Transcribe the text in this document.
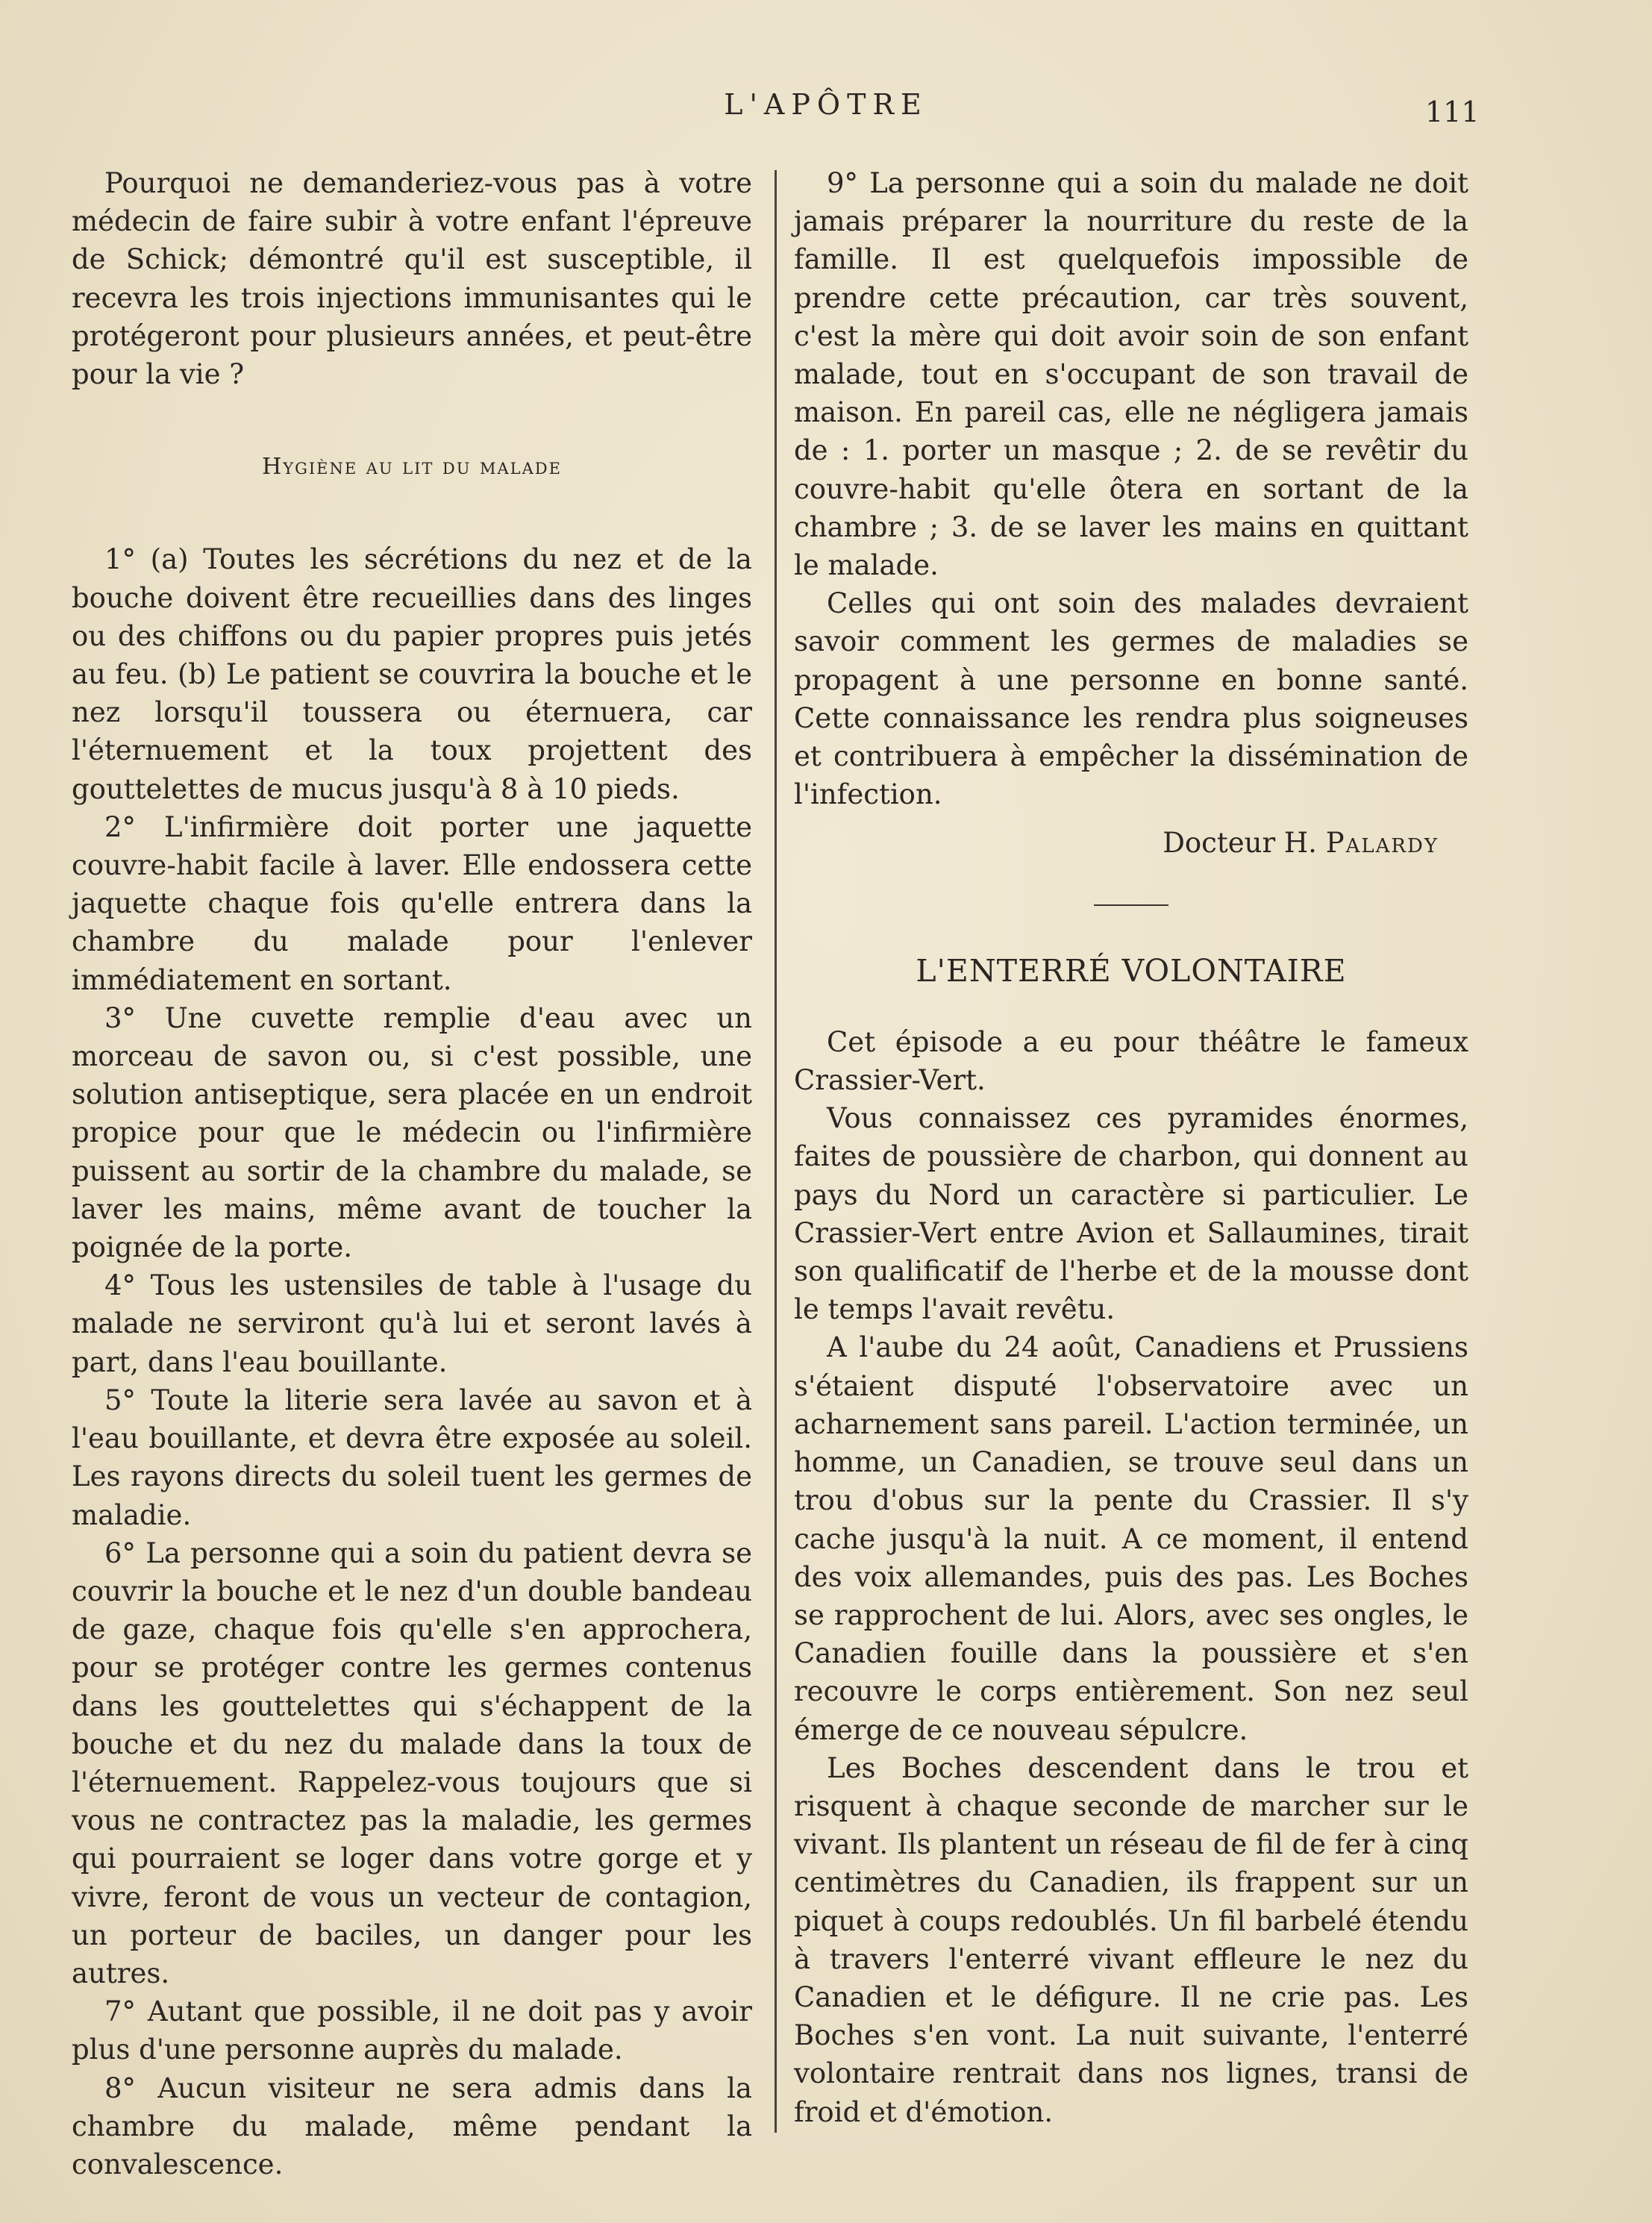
L'APÔTRE	111

Pourquoi ne demanderiez-vous pas à votre médecin de faire subir à votre enfant l'épreuve de Schick; démontré qu'il est susceptible, il recevra les trois injections immunisantes qui le protégeront pour plusieurs années, et peut-être pour la vie ?

Hygiène au lit du malade

1° (a) Toutes les sécrétions du nez et de la bouche doivent être recueillies dans des linges ou des chiffons ou du papier propres puis jetés au feu. (b) Le patient se couvrira la bouche et le nez lorsqu'il toussera ou éternuera, car l'éternuement et la toux projettent des gouttelettes de mucus jusqu'à 8 à 10 pieds.

2° L'infirmière doit porter une jaquette couvre-habit facile à laver. Elle endossera cette jaquette chaque fois qu'elle entrera dans la chambre du malade pour l'enlever immédiatement en sortant.

3° Une cuvette remplie d'eau avec un morceau de savon ou, si c'est possible, une solution antiseptique, sera placée en un endroit propice pour que le médecin ou l'infirmière puissent au sortir de la chambre du malade, se laver les mains, même avant de toucher la poignée de la porte.

4° Tous les ustensiles de table à l'usage du malade ne serviront qu'à lui et seront lavés à part, dans l'eau bouillante.

5° Toute la literie sera lavée au savon et à l'eau bouillante, et devra être exposée au soleil. Les rayons directs du soleil tuent les germes de maladie.

6° La personne qui a soin du patient devra se couvrir la bouche et le nez d'un double bandeau de gaze, chaque fois qu'elle s'en approchera, pour se protéger contre les germes contenus dans les gouttelettes qui s'échappent de la bouche et du nez du malade dans la toux de l'éternuement. Rappelez-vous toujours que si vous ne contractez pas la maladie, les germes qui pourraient se loger dans votre gorge et y vivre, feront de vous un vecteur de contagion, un porteur de baciles, un danger pour les autres.

7° Autant que possible, il ne doit pas y avoir plus d'une personne auprès du malade.

8° Aucun visiteur ne sera admis dans la chambre du malade, même pendant la convalescence.

9° La personne qui a soin du malade ne doit jamais préparer la nourriture du reste de la famille. Il est quelquefois impossible de prendre cette précaution, car très souvent, c'est la mère qui doit avoir soin de son enfant malade, tout en s'occupant de son travail de maison. En pareil cas, elle ne négligera jamais de : 1. porter un masque ; 2. de se revêtir du couvre-habit qu'elle ôtera en sortant de la chambre ; 3. de se laver les mains en quittant le malade.

Celles qui ont soin des malades devraient savoir comment les germes de maladies se propagent à une personne en bonne santé. Cette connaissance les rendra plus soigneuses et contribuera à empêcher la dissémination de l'infection.

Docteur H. Palardy

L'ENTERRÉ VOLONTAIRE

Cet épisode a eu pour théâtre le fameux Crassier-Vert.

Vous connaissez ces pyramides énormes, faites de poussière de charbon, qui donnent au pays du Nord un caractère si particulier. Le Crassier-Vert entre Avion et Sallaumines, tirait son qualificatif de l'herbe et de la mousse dont le temps l'avait revêtu.

A l'aube du 24 août, Canadiens et Prussiens s'étaient disputé l'observatoire avec un acharnement sans pareil. L'action terminée, un homme, un Canadien, se trouve seul dans un trou d'obus sur la pente du Crassier. Il s'y cache jusqu'à la nuit. A ce moment, il entend des voix allemandes, puis des pas. Les Boches se rapprochent de lui. Alors, avec ses ongles, le Canadien fouille dans la poussière et s'en recouvre le corps entièrement. Son nez seul émerge de ce nouveau sépulcre.

Les Boches descendent dans le trou et risquent à chaque seconde de marcher sur le vivant. Ils plantent un réseau de fil de fer à cinq centimètres du Canadien, ils frappent sur un piquet à coups redoublés. Un fil barbelé étendu à travers l'enterré vivant effleure le nez du Canadien et le défigure. Il ne crie pas. Les Boches s'en vont. La nuit suivante, l'enterré volontaire rentrait dans nos lignes, transi de froid et d'émotion.
